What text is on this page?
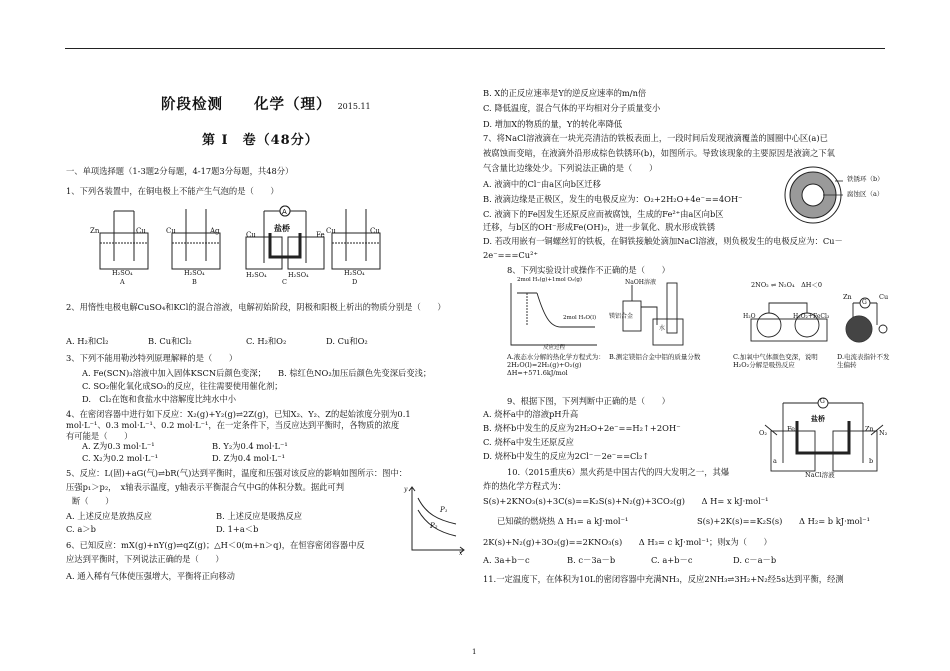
阶段检测　　化学（理） 2015.11
第 Ⅰ　卷（48分）
一、单项选择题（1-3题2分每题，4-17题3分每题，共48分）
1、下列各装置中，在铜电极上不能产生气泡的是（　　）
A
Zn	Cu	Cu	Ag	盐桥
Cu	Fe Cu	Cu
H₂SO₄	H₂SO₄	H₂SO₄	H₂SO₄	H₂SO₄
A	B	C	D
2、用惰性电极电解CuSO₄和KCl的混合溶液，电解初始阶段，阴极和阳极上析出的物质分别是（　　）
A. H₂和Cl₂	B. Cu和Cl₂	C. H₂和O₂	D. Cu和O₂
3、下列不能用勒沙特列原理解释的是（　　）
A. Fe(SCN)₃溶液中加入固体KSCN后颜色变深； B. 棕红色NO₂加压后颜色先变深后变浅；
C. SO₂催化氧化成SO₃的反应，往往需要使用催化剂；
D.　Cl₂在饱和食盐水中溶解度比纯水中小
4、在密闭容器中进行如下反应：X₂(g)+Y₂(g)⇌2Z(g)，已知X₂、Y₂、Z的起始浓度分别为0.1
mol·L⁻¹、0.3 mol·L⁻¹、0.2 mol·L⁻¹，在一定条件下，当反应达到平衡时，各物质的浓度
有可能是（　　）
A. Z为0.3 mol·L⁻¹	B. Y₂为0.4 mol·L⁻¹
C. X₂为0.2 mol·L⁻¹	D. Z为0.4 mol·L⁻¹
5、反应：L(固)+aG(气)⇌bR(气)达到平衡时，温度和压强对该反应的影响如图所示：图中：
压强p₁＞p₂，　x轴表示温度，y轴表示平衡混合气中G的体积分数。据此可判
断（　　）
A. 上述反应是放热反应	B. 上述反应是吸热反应
C. a＞b	D. 1+a＜b
P₁
P₂
y
x
6、已知反应：mX(g)+nY(g)⇌qZ(g)；△H＜0(m+n＞q)，在恒容密闭容器中反
应达到平衡时，下列说法正确的是（　　）
A. 通入稀有气体使压强增大，平衡将正向移动
B. X的正反应速率是Y的逆反应速率的m/n倍
C. 降低温度，混合气体的平均相对分子质量变小
D. 增加X的物质的量，Y的转化率降低
7、将NaCl溶液滴在一块光亮清洁的铁板表面上，一段时间后发现液滴覆盖的圆圈中心区(a)已
被腐蚀而变暗，在液滴外沿形成棕色铁锈环(b)，如图所示。导致该现象的主要原因是液滴之下氧
气含量比边缘处少。下列说法正确的是（　　）
铁锈环（b）
腐蚀区（a）
A. 液滴中的Cl⁻由a区向b区迁移
B. 液滴边缘是正极区，发生的电极反应为：O₂+2H₂O+4e⁻==4OH⁻
C. 液滴下的Fe因发生还原反应而被腐蚀，生成的Fe²⁺由a区向b区
迁移，与b区的OH⁻形成Fe(OH)₂，进一步氧化、脱水形成铁锈
D. 若改用嵌有一铜螺丝钉的铁板，在铜铁接触处滴加NaCl溶液，则负极发生的电极反应为：Cu－
2e⁻===Cu²⁺
8、下列实验设计或操作不正确的是（　　）
2mol H₂(g)+1mol O₂(g)
2mol H₂O(l)
反应过程
NaOH溶液
镁铝合金
水
2NO₂ ⇌ N₂O₄　ΔH＜0
H₂O	H₂O₂+FeCl₃
Zn
G
Cu
A.液态水分解的热化学方程式为：2H₂O(l)=2H₂(g)+O₂(g)　ΔH=+571.6kJ/mol
B.测定镁铝合金中铝的质量分数	C.加氧中气体颜色变深，说明H₂O₂分解是吸热反应
D.电流表指针不发生偏转
9、根据下图，下列判断中正确的是（　　）
A. 烧杯a中的溶液pH升高
B. 烧杯b中发生的反应为2H₂O+2e⁻==H₂↑+2OH⁻
C. 烧杯a中发生还原反应
D. 烧杯b中发生的反应为2Cl⁻－2e⁻==Cl₂↑
Fe
盐桥
Zn
O₂	N₂
a	b
NaCl溶液
G
10.（2015重庆6）黑火药是中国古代的四大发明之一，其爆
炸的热化学方程式为：
S(s)+2KNO₃(s)+3C(s)==K₂S(s)+N₂(g)+3CO₂(g)　　Δ H= x kJ·mol⁻¹
已知碳的燃烧热 Δ H₁= a kJ·mol⁻¹	S(s)+2K(s)==K₂S(s)　　Δ H₂= b kJ·mol⁻¹
2K(s)+N₂(g)+3O₂(g)==2KNO₃(s)　　Δ H₃= c kJ·mol⁻¹；则x为（　　）
A. 3a+b－c	B. c－3a－b	C. a+b－c	D. c－a－b
11.一定温度下，在体积为10L的密闭容器中充满NH₃，反应2NH₃⇌3H₂+N₂经5s达到平衡，经测
1
